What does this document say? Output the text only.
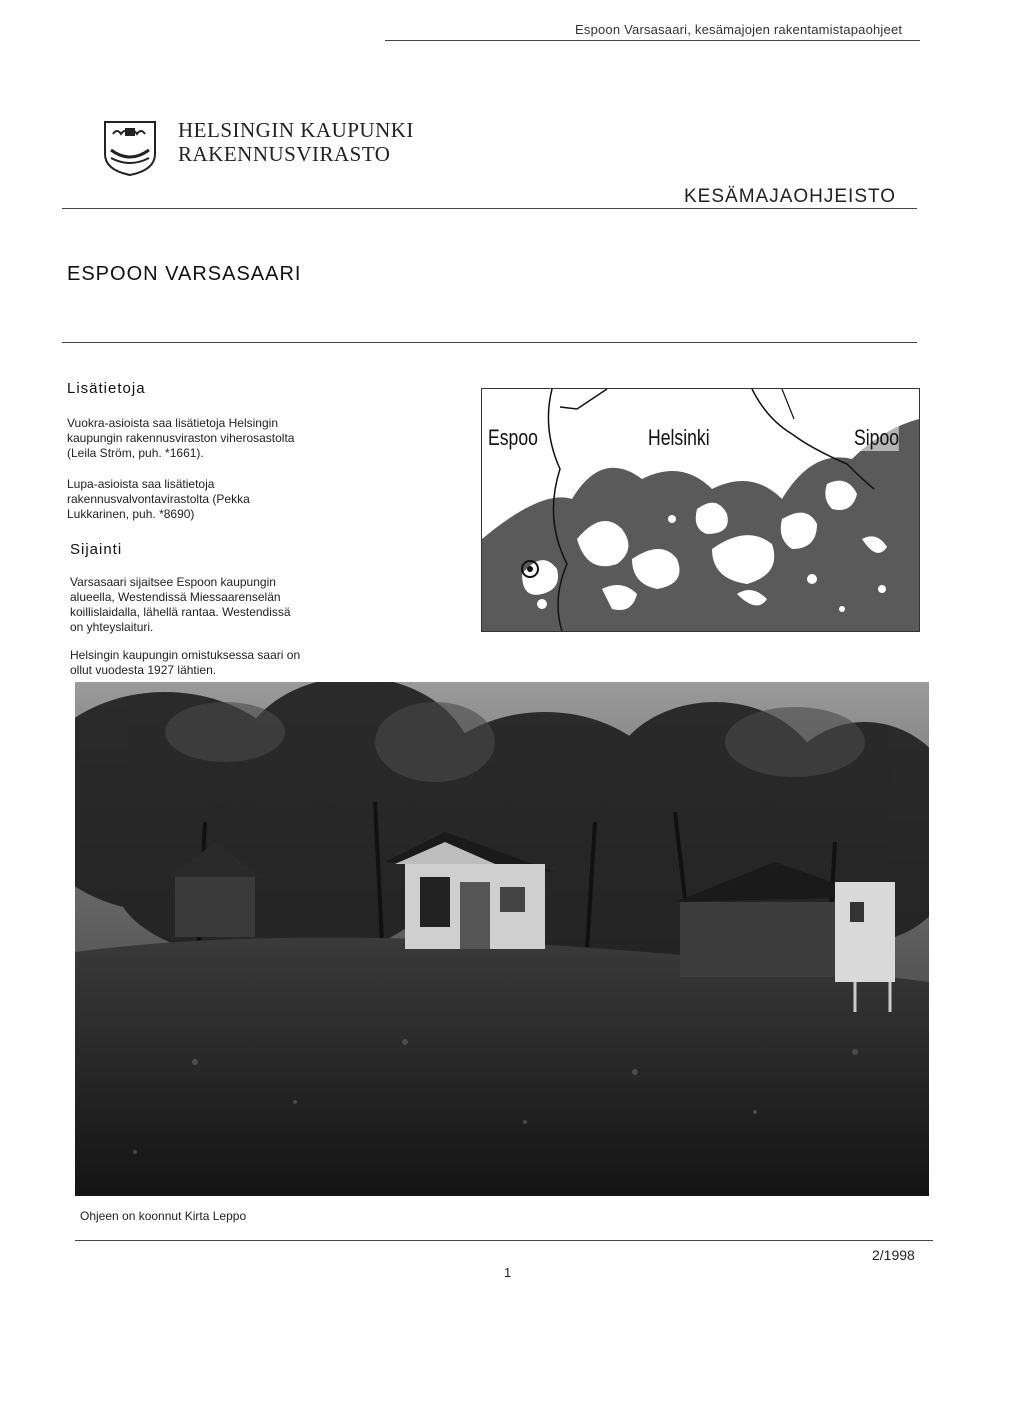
Espoon Varsasaari, kesämajojen rakentamistapaohjeet
HELSINGIN KAUPUNKI
RAKENNUSVIRASTO
KESÄMAJAOHJEISTO
ESPOON VARSASAARI
Lisätietoja
Vuokra-asioista saa lisätietoja Helsingin
kaupungin rakennusviraston viherosastolta
(Leila Ström, puh. *1661).
Lupa-asioista saa lisätietoja
rakennusvalvontavirastolta (Pekka
Lukkarinen, puh. *8690)
Sijainti
Varsasaari sijaitsee Espoon kaupungin
alueella, Westendissä Miessaarenselän
koillislaidalla, lähellä rantaa. Westendissä
on yhteyslaituri.
Helsingin kaupungin omistuksessa saari on
ollut vuodesta 1927 lähtien.
Espoo	Helsinki	Sipoo
Ohjeen on koonnut Kirta Leppo
2/1998
1
